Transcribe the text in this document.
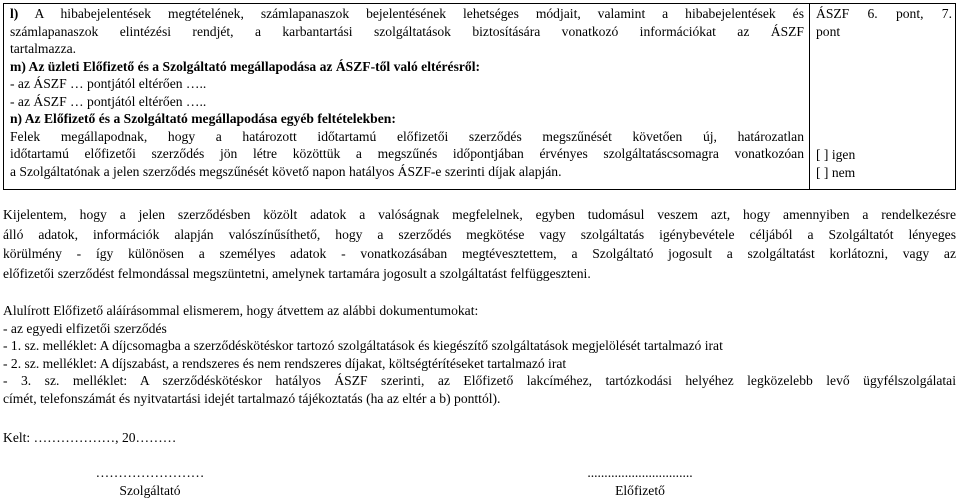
l) A hibabejelentések megtételének, számlapanaszok bejelentésének lehetséges módjait, valamint a hibabejelentések és
számlapanaszok elintézési rendjét, a karbantartási szolgáltatások biztosítására vonatkozó információkat az ÁSZF
tartalmazza.
m) Az üzleti Előfizető és a Szolgáltató megállapodása az ÁSZF-től való eltérésről:
- az ÁSZF … pontjától eltérően …..
- az ÁSZF … pontjától eltérően …..
n) Az Előfizető és a Szolgáltató megállapodása egyéb feltételekben:
Felek megállapodnak, hogy a határozott időtartamú előfizetői szerződés megszűnését követően új, határozatlan
időtartamú előfizetői szerződés jön létre közöttük a megszűnés időpontjában érvényes szolgáltatáscsomagra vonatkozóan
a Szolgáltatónak a jelen szerződés megszűnését követő napon hatályos ÁSZF-e szerinti díjak alapján.
ÁSZF 6. pont, 7.
pont
[ ] igen
[ ] nem
Kijelentem, hogy a jelen szerződésben közölt adatok a valóságnak megfelelnek, egyben tudomásul veszem azt, hogy amennyiben a rendelkezésre
álló adatok, információk alapján valószínűsíthető, hogy a szerződés megkötése vagy szolgáltatás igénybevétele céljából a Szolgáltatót lényeges
körülmény - így különösen a személyes adatok - vonatkozásában megtévesztettem, a Szolgáltató jogosult a szolgáltatást korlátozni, vagy az
előfizetői szerződést felmondással megszüntetni, amelynek tartamára jogosult a szolgáltatást felfüggeszteni.
Alulírott Előfizető aláírásommal elismerem, hogy átvettem az alábbi dokumentumokat:
- az egyedi elfizetői szerződés
- 1. sz. melléklet: A díjcsomagba a szerződéskötéskor tartozó szolgáltatások és kiegészítő szolgáltatások megjelölését tartalmazó irat
- 2. sz. melléklet: A díjszabást, a rendszeres és nem rendszeres díjakat, költségtérítéseket tartalmazó irat
- 3. sz. melléklet: A szerződéskötéskor hatályos ÁSZF szerinti, az Előfizető lakcíméhez, tartózkodási helyéhez legközelebb levő ügyfélszolgálatai
címét, telefonszámát és nyitvatartási idejét tartalmazó tájékoztatás (ha az eltér a b) ponttól).
Kelt: ………………, 20………
……………………
Szolgáltató
...............................
Előfizető
